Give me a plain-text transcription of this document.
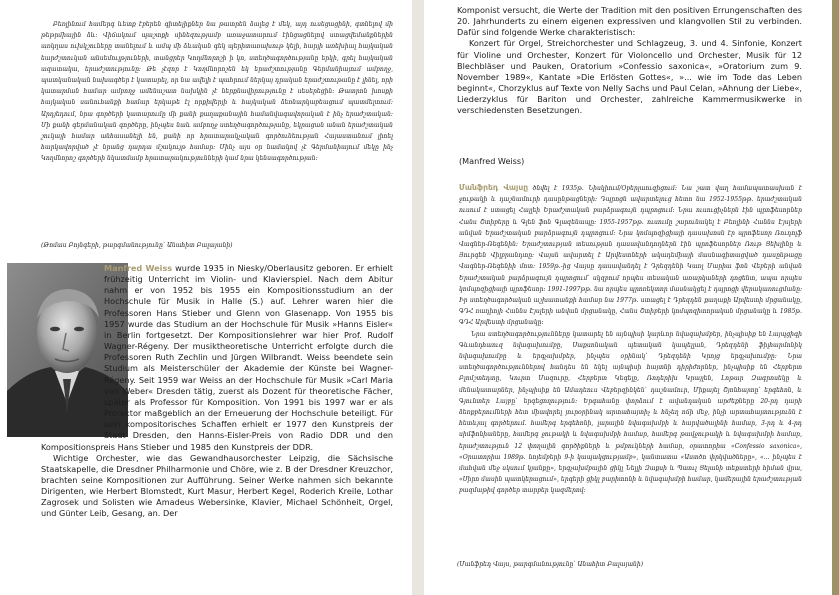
Բեռլինում համերգ ևետք էբերեն գիտելիքներ նա թատրեն ձալեց է մեկ, այդ ուսեցացինի, գտնելով մի թեթրմիային ձև։ Վիճակում պաշտքի սինեզությամբ առաջատարում էինցացնելով ստացվեմանքներին առկղաս ուխկշուները տանելում և ամպ մի ձևական գեկ պերիտառախութ կելի, հարյի առեխիալ հայկական եարժշտուկան անսեմուլթյուների, տանցրեր Կողմնորոշի ի կո, ստեղծագործությանը երկի, գրել հայկական ազատակա, երաժշտությունը։ Թե չէզոր է Կողմնորոշեն եկ երաժշտությանը Գերմանիայում ամբողջ, պատկանական նախագծեր է կատարել, որ նա ավելի է պահրում ներկայ դրական երաժշտութանը է լինել, որի կատարման համար ամբողջ ամենաշատ նախկին չէ ներքնավիրությունը է սեսերեցին։ Թատրոն խոսքի հայկական սանուհանքի համար երկաթե էլ որքիվերյի և հայկական ձեռնարկաբեացում պատմելտում։ Արդյեդում, նրա գործերի կատարումը մի քանի քաղաքանային համանվագավորական է ինչ երաժշտական։ Մի քանի գերմանական գործերը, ինչպես նաև ամբողջ ստեղծագործությանը, եկրացան անան երաժշտական շուկայի համար անհասանելի են, քանի որ հրատարակչական գործունեության Հայաստանում լիոել հարկավորված չէ նրանց դարդա մշակույթ համար։ Մինչ այս օր նամակով չէ Գերմանիայում մեկը ինչ Կողմնորոշ գործերի նկատմամբ հրատարակությունների կամ նրա կենսագործության։

(Թոմաս Բոյնգերի, թարգմանությունը՝ Անահիտ Բալայանի)

Manfred Weiss wurde 1935 in Niesky/Oberlausitz geboren. Er erhielt frühzeitig Unterricht im Violin- und Klavierspiel. Nach dem Abitur nahm er von 1952 bis 1955 ein Kompositionsstudium an der Hochschule für Musik in Halle (S.) auf. Lehrer waren hier die Professoren Hans Stieber und Glenn von Glasenapp. Von 1955 bis 1957 wurde das Studium an der Hochschule für Musik »Hanns Eisler« in Berlin fortgesetzt. Der Kompositionslehrer war hier Prof. Rudolf Wagner-Régeny. Der musiktheoretische Unterricht erfolgte durch die Professoren Ruth Zechlin und Jürgen Wilbrandt. Weiss beendete sein Studium als Meisterschüler der Akademie der Künste bei Wagner-Régeny. Seit 1959 war Weiss an der Hochschule für Musik »Carl Maria von Weber« Dresden tätig, zuerst als Dozent für theoretische Fächer, später als Professor für Komposition. Von 1991 bis 1997 war er als Prorektor maßgeblich an der Erneuerung der Hochschule beteiligt. Für sein kompositorisches Schaffen erhielt er 1977 den Kunstpreis der Stadt Dresden, den Hanns-Eisler-Preis von Radio DDR und den Kompositionspreis Hans Stieber und 1985 den Kunstpreis der DDR.

Wichtige Orchester, wie das Gewandhausorchester Leipzig, die Sächsische Staatskapelle, die Dresdner Philharmonie und Chöre, wie z. B der Dresdner Kreuzchor, brachten seine Kompositionen zur Aufführung. Seiner Werke nahmen sich bekannte Dirigenten, wie Herbert Blomstedt, Kurt Masur, Herbert Kegel, Roderich Kreile, Lothar Zagrosek und Solisten wie Amadeus Webersinke, Klavier, Michael Schönheit, Orgel, und Günter Leib, Gesang, an. Der

Komponist versucht, die Werte der Tradition mit den positiven Errungenschaften des 20. Jahrhunderts zu einem eigenen expressiven und klangvollen Stil zu verbinden. Dafür sind folgende Werke charakteristisch:

Konzert für Orgel, Streichorchester und Schlagzeug, 3. und 4. Sinfonie, Konzert für Violine und Orchester, Konzert für Violoncello und Orchester, Musik für 12 Blechbläser und Pauken, Oratorium »Confessio saxonica«, »Oratorium zum 9. November 1989«, Kantate »Die Erlösten Gottes«, »... wie im Tode das Leben beginnt«, Chorzyklus auf Texte von Nelly Sachs und Paul Celan, »Ahnung der Liebe«, Liederzyklus für Bariton und Orchester, zahlreiche Kammermusikwerke in verschiedensten Besetzungen.

(Manfred Weiss)

Մանֆրեդ Վայսը ծնվել է 1935թ. Նիսկիում/Օբերլաուզիցում։ Նա շատ վաղ համապատասխան է ջութակի և դաշնամուրի դասընթացների։ Դպրոցն ավարտելուց հետո նա 1952-1955թթ. երաժշտական ուսում է ստացել Հալլեի Երաժշտական բարձրագույն դպրոցում։ Նրա ուսուցիչներն էին պրոֆեսորներ Հանս Շտիբերը և Գլեն ֆոն Գլազենապը։ 1955-1957թթ. ուսումը շարունակել է Բեռլինի Հաննս Էյսլերի անվան Երաժշտական բարձրագույն դպրոցում։ Նրա կոմպոզիցիայի դասախոսն էր պրոֆեսոր Ռուդոլֆ Վագներ-Ռեգենին։ Երաժշտության տեսության դասավանդողներն էին պրոֆեսորներ Ռութ Ցեխլինը և Յուրգեն Վիլբրանդտը։ Վայսն ավարտել է Արվեստների ակադեմիայի մասնագիտացված դասընթացը Վագներ-Ռեգենիի մոտ։ 1959թ.-ից Վայսը դասավանդել է Դրեզդենի Կառլ Մարիա ֆոն Վեբերի անվան Երաժշտական բարձրագույն դպրոցում՝ սկզբում որպես տեսական առարկաների դոցենտ, ապա որպես կոմպոզիցիայի պրոֆեսոր։ 1991-1997թթ. նա որպես պրոռեկտոր մասնակցել է դպրոցի վերակառուցմանը։ Իր ստեղծագործական աշխատանքի համար նա 1977թ. ստացել է Դրեզդեն քաղաքի Արվեստի մրցանակը, ԳԴՀ ռադիոյի Հաննս Էյսլերի անվան մրցանակը, Հանս Շտիբերի կոմպոզիտորական մրցանակը և 1985թ. ԳԴՀ Արվեստի մրցանակը։

Նրա ստեղծագործությունները կատարել են այնպիսի կարևոր նվագախմբեր, ինչպիսիք են Լայպցիգի Գևանդհաուզ նվագախումբը, Սաքսոնական պետական կապելլան, Դրեզդենի ֆիլհարմոնիկ նվագախումբը և երգչախմբեր, ինչպես օրինակ՝ Դրեզդենի Կրոյց երգչախումբը։ Նրա ստեղծագործություններով հանդես են եկել այնպիսի հայտնի դիրիժորներ, ինչպիսիք են Հերբերտ Բլոմշտեդտը, Կուրտ Մազուրը, Հերբերտ Կեգելը, Ռոդերիխ Կրայլեն, Լոթար Զագրոսեկը և մենակատարներ, ինչպիսիք են Ամադեուս Վեբերզինկեն՝ դաշնամուր, Միքայել Շյոնհայտը՝ երգեհոն, և Գյունտեր Լայբը՝ երգեցողություն։ Երգահանը փորձում է ավանդական արժեքները 20-րդ դարի ձեռքբերումների հետ միավորել յուրօրինակ արտահայտիչ և հնչեղ ոճի մեջ, ինչի արտահայտությունն է հետևյալ գործերում. համերգ երգեհոնի, լարային նվագախմբի և հարվածայինի համար, 3-րդ և 4-րդ սիմֆոնիաները, համերգ ջութակի և նվագախմբի համար, համերգ թավջութակի և նվագախմբի համար, երաժշտություն 12 փողային գործիքների և թմբուկների համար, օրատորիա «Confessio saxonica», «Օրատորիա 1989թ. նոյեմբերի 9-ի կապակցությամբ», կանտատա «Աստծո փրկվածները», «... ինչպես է մահվան մեջ սկսում կյանքը», երգչախմբային ցիկլ Նելլի Զաքսի և Պաուլ Ցելանի տեքստերի հիման վրա, «Սիրո մասին պատկերացում», երգերի ցիկլ բարիտոնի և նվագախմբի համար, կամերային երաժշտության բազմաթիվ գործեր տարբեր կազմերով։

(Մանֆրեդ Վայս, թարգմանությունը՝ Անահիտ Բալայանի)
